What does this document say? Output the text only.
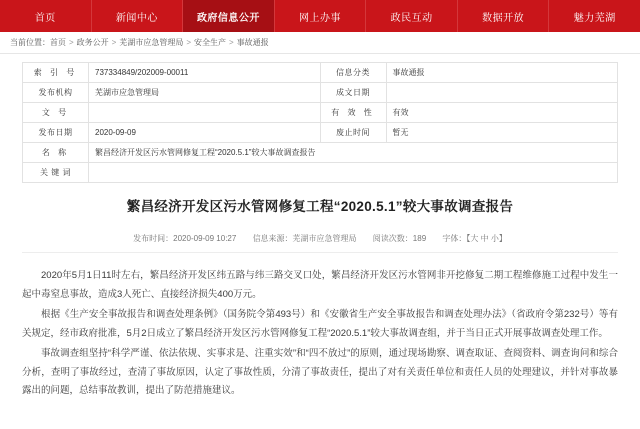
首页	新闻中心	政府信息公开	网上办事	政民互动	数据开放	魅力芜湖
当前位置： 首页 > 政务公开 > 芜湖市应急管理局 > 安全生产 > 事故通报
索 引 号	737334849/202009-00011	信息分类	事故通报
发布机构	芜湖市应急管理局	成文日期	
文 号		有 效 性	有效
发布日期	2020-09-09	废止时间	暂无
名 称	繁昌经济开发区污水管网修复工程“2020.5.1”较大事故调查报告		
关 键 词			
繁昌经济开发区污水管网修复工程“2020.5.1”较大事故调查报告
发布时间：2020-09-09 10:27 信息来源：芜湖市应急管理局 阅读次数：189 字体：【大 中 小】

2020年5月1日11时左右，繁昌经济开发区纬五路与纬三路交叉口处，繁昌经济开发区污水管网非开挖修复二期工程维修施工过程中发生一起中毒窒息事故，造成3人死亡、直接经济损失400万元。

根据《生产安全事故报告和调查处理条例》（国务院令第493号）和《安徽省生产安全事故报告和调查处理办法》（省政府令第232号）等有关规定，经市政府批准，5月2日成立了繁昌经济开发区污水管网修复工程“2020.5.1”较大事故调查组，并于当日正式开展事故调查处理工作。

事故调查组坚持“科学严谨、依法依规、实事求是、注重实效”和“四不放过”的原则，通过现场勘察、调查取证、查阅资料、调查询问和综合分析，查明了事故经过，查清了事故原因，认定了事故性质，分清了事故责任，提出了对有关责任单位和责任人员的处理建议，并针对事故暴露出的问题，总结事故教训，提出了防范措施建议。
